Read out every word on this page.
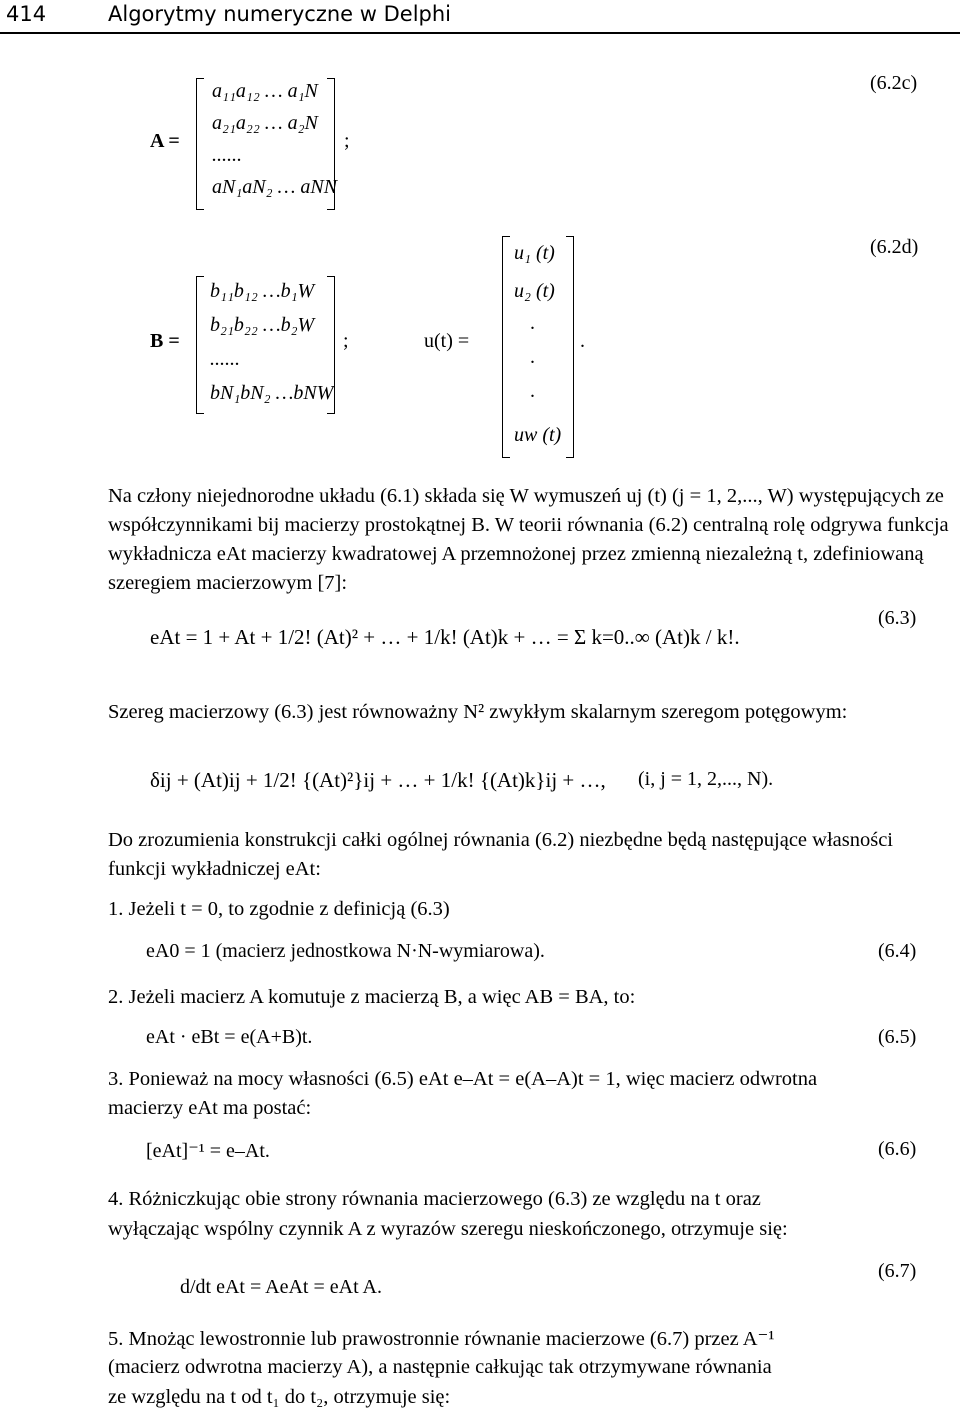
414	Algorytmy numeryczne w Delphi
A =
a₁₁a₁₂ … a₁N
a₂₁a₂₂ … a₂N
......
aN₁aN₂ … aNN
;
(6.2c)
B =
b₁₁b₁₂ …b₁W
b₂₁b₂₂ …b₂W
......
bN₁bN₂ …bNW
;	u(t) =
u₁ (t)
u₂ (t)
.
.
.
uw (t)
.
(6.2d)
Na człony niejednorodne układu (6.1) składa się W wymuszeń uj (t) (j = 1, 2,..., W) występujących ze współczynnikami bij macierzy prostokątnej B. W teorii równania (6.2) centralną rolę odgrywa funkcja wykładnicza eAt macierzy kwadratowej A przemnożonej przez zmienną niezależną t, zdefiniowaną szeregiem macierzowym [7]:
eAt = 1 + At + 1/2! (At)² + … + 1/k! (At)k + … = Σ k=0..∞ (At)k / k!.
(6.3)
Szereg macierzowy (6.3) jest równoważny N² zwykłym skalarnym szeregom potęgowym:
δij + (At)ij + 1/2! {(At)²}ij + … + 1/k! {(At)k}ij + …, (i, j = 1, 2,..., N).
Do zrozumienia konstrukcji całki ogólnej równania (6.2) niezbędne będą następujące własności funkcji wykładniczej eAt:
1. Jeżeli t = 0, to zgodnie z definicją (6.3)
eA0 = 1 (macierz jednostkowa N·N-wymiarowa).	(6.4)
2. Jeżeli macierz A komutuje z macierzą B, a więc AB = BA, to:
eAt · eBt = e(A+B)t.	(6.5)
3. Ponieważ na mocy własności (6.5) eAt e–At = e(A–A)t = 1, więc macierz odwrotna
macierzy eAt ma postać:
[eAt]⁻¹ = e–At.	(6.6)
4. Różniczkując obie strony równania macierzowego (6.3) ze względu na t oraz
wyłączając wspólny czynnik A z wyrazów szeregu nieskończonego, otrzymuje się:
d/dt eAt = AeAt = eAt A.
(6.7)
5. Mnożąc lewostronnie lub prawostronnie równanie macierzowe (6.7) przez A⁻¹
(macierz odwrotna macierzy A), a następnie całkując tak otrzymywane równania
ze względu na t od t₁ do t₂, otrzymuje się:
